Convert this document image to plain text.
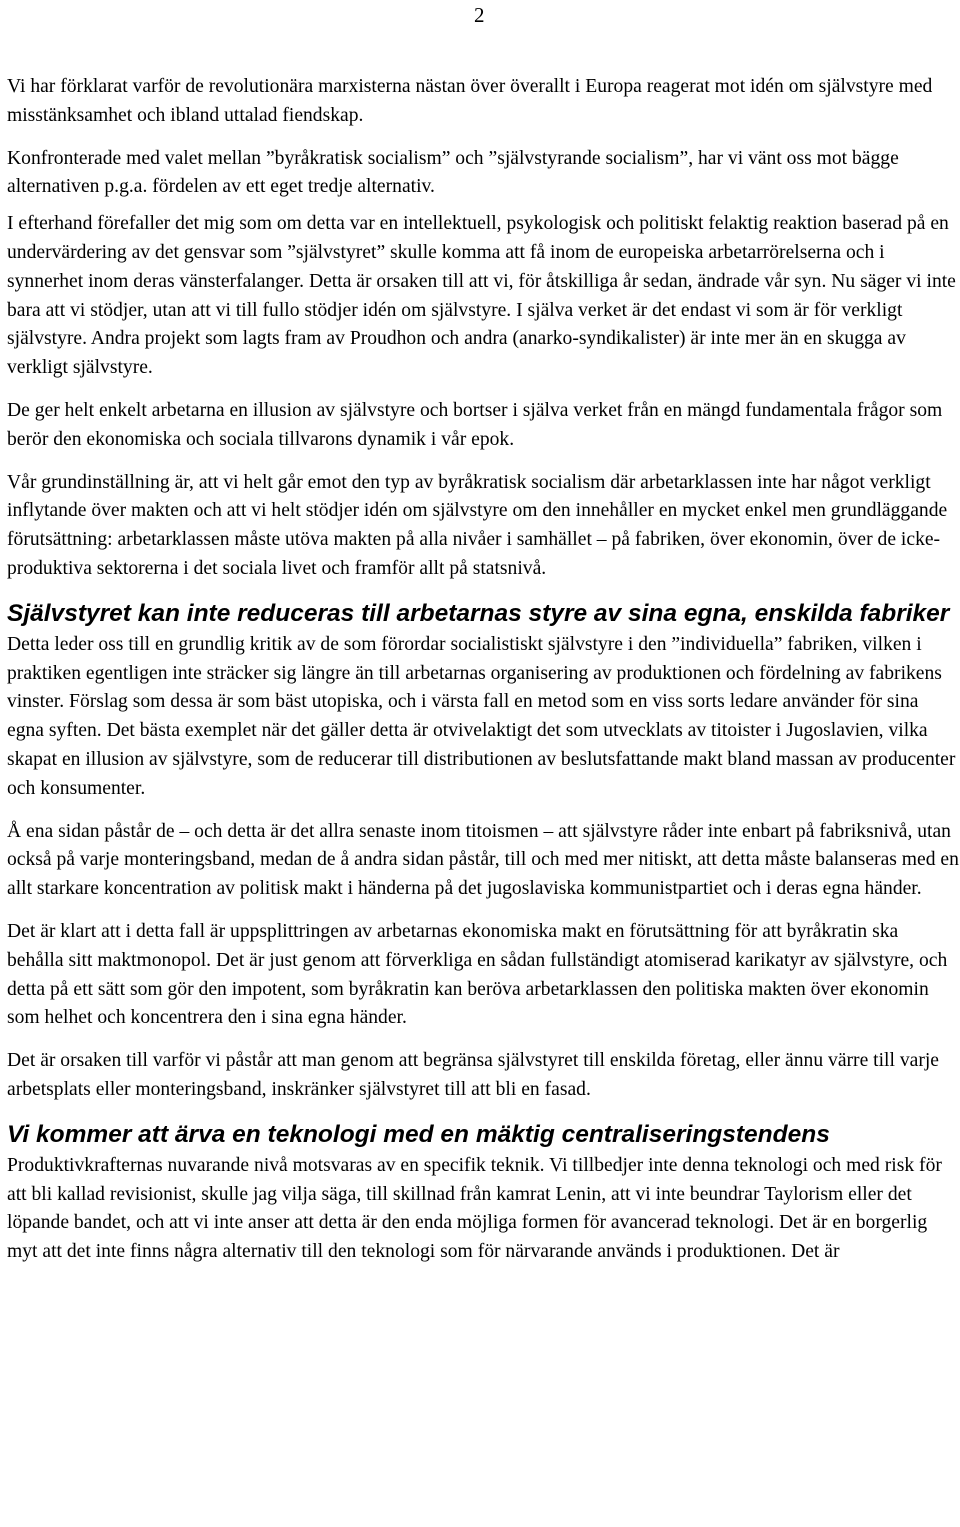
2

Vi har förklarat varför de revolutionära marxisterna nästan över överallt i Europa reagerat mot idén om självstyre med misstänksamhet och ibland uttalad fiendskap.

Konfronterade med valet mellan ”byråkratisk socialism” och ”självstyrande socialism”, har vi vänt oss mot bägge alternativen p.g.a. fördelen av ett eget tredje alternativ.

I efterhand förefaller det mig som om detta var en intellektuell, psykologisk och politiskt felaktig reaktion baserad på en undervärdering av det gensvar som ”självstyret” skulle komma att få inom de europeiska arbetarrörelserna och i synnerhet inom deras vänsterfalanger. Detta är orsaken till att vi, för åtskilliga år sedan, ändrade vår syn. Nu säger vi inte bara att vi stödjer, utan att vi till fullo stödjer idén om självstyre. I själva verket är det endast vi som är för verkligt självstyre. Andra projekt som lagts fram av Proudhon och andra (anarko-syndikalister) är inte mer än en skugga av verkligt självstyre.

De ger helt enkelt arbetarna en illusion av självstyre och bortser i själva verket från en mängd fundamentala frågor som berör den ekonomiska och sociala tillvarons dynamik i vår epok.

Vår grundinställning är, att vi helt går emot den typ av byråkratisk socialism där arbetarklassen inte har något verkligt inflytande över makten och att vi helt stödjer idén om självstyre om den innehåller en mycket enkel men grundläggande förutsättning: arbetarklassen måste utöva makten på alla nivåer i samhället – på fabriken, över ekonomin, över de icke-produktiva sektorerna i det sociala livet och framför allt på statsnivå.

Självstyret kan inte reduceras till arbetarnas styre av sina egna, enskilda fabriker

Detta leder oss till en grundlig kritik av de som förordar socialistiskt självstyre i den ”individuella” fabriken, vilken i praktiken egentligen inte sträcker sig längre än till arbetarnas organisering av produktionen och fördelning av fabrikens vinster. Förslag som dessa är som bäst utopiska, och i värsta fall en metod som en viss sorts ledare använder för sina egna syften. Det bästa exemplet när det gäller detta är otvivelaktigt det som utvecklats av titoister i Jugoslavien, vilka skapat en illusion av självstyre, som de reducerar till distributionen av beslutsfattande makt bland massan av producenter och konsumenter.

Å ena sidan påstår de – och detta är det allra senaste inom titoismen – att självstyre råder inte enbart på fabriksnivå, utan också på varje monteringsband, medan de å andra sidan påstår, till och med mer nitiskt, att detta måste balanseras med en allt starkare koncentration av politisk makt i händerna på det jugoslaviska kommunistpartiet och i deras egna händer.

Det är klart att i detta fall är uppsplittringen av arbetarnas ekonomiska makt en förutsättning för att byråkratin ska behålla sitt maktmonopol. Det är just genom att förverkliga en sådan fullständigt atomiserad karikatyr av självstyre, och detta på ett sätt som gör den impotent, som byråkratin kan beröva arbetarklassen den politiska makten över ekonomin som helhet och koncentrera den i sina egna händer.

Det är orsaken till varför vi påstår att man genom att begränsa självstyret till enskilda företag, eller ännu värre till varje arbetsplats eller monteringsband, inskränker självstyret till att bli en fasad.

Vi kommer att ärva en teknologi med en mäktig centraliseringstendens

Produktivkrafternas nuvarande nivå motsvaras av en specifik teknik. Vi tillbedjer inte denna teknologi och med risk för att bli kallad revisionist, skulle jag vilja säga, till skillnad från kamrat Lenin, att vi inte beundrar Taylorism eller det löpande bandet, och att vi inte anser att detta är den enda möjliga formen för avancerad teknologi. Det är en borgerlig myt att det inte finns några alternativ till den teknologi som för närvarande används i produktionen. Det är
